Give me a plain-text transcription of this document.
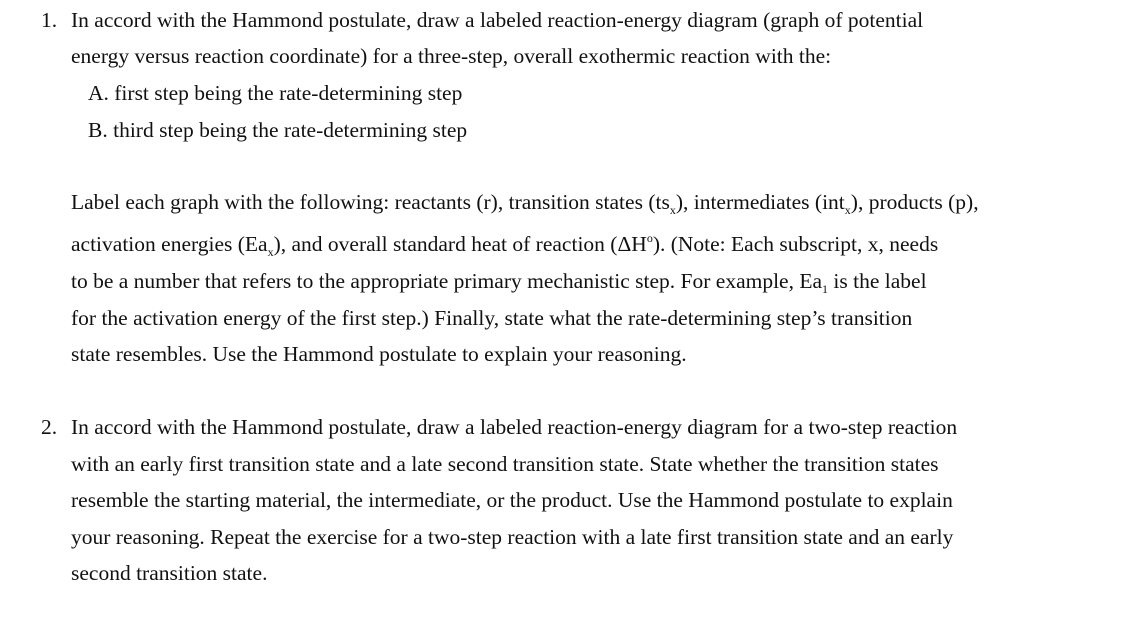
1. In accord with the Hammond postulate, draw a labeled reaction-energy diagram (graph of potential
energy versus reaction coordinate) for a three-step, overall exothermic reaction with the:
A. first step being the rate-determining step
B. third step being the rate-determining step
Label each graph with the following: reactants (r), transition states $(ts_x)$, intermediates (int$_x$), products (p),
activation energies $(Ea_x)$, and overall standard heat of reaction $(\Delta H^o)$. (Note: Each subscript, x, needs
to be a number that refers to the appropriate primary mechanistic step. For example, $Ea_1$ is the label
for the activation energy of the first step.) Finally, state what the rate-determining step’s transition
state resembles. Use the Hammond postulate to explain your reasoning.
2. In accord with the Hammond postulate, draw a labeled reaction-energy diagram for a two-step reaction
with an early first transition state and a late second transition state. State whether the transition states
resemble the starting material, the intermediate, or the product. Use the Hammond postulate to explain
your reasoning. Repeat the exercise for a two-step reaction with a late first transition state and an early
second transition state.
